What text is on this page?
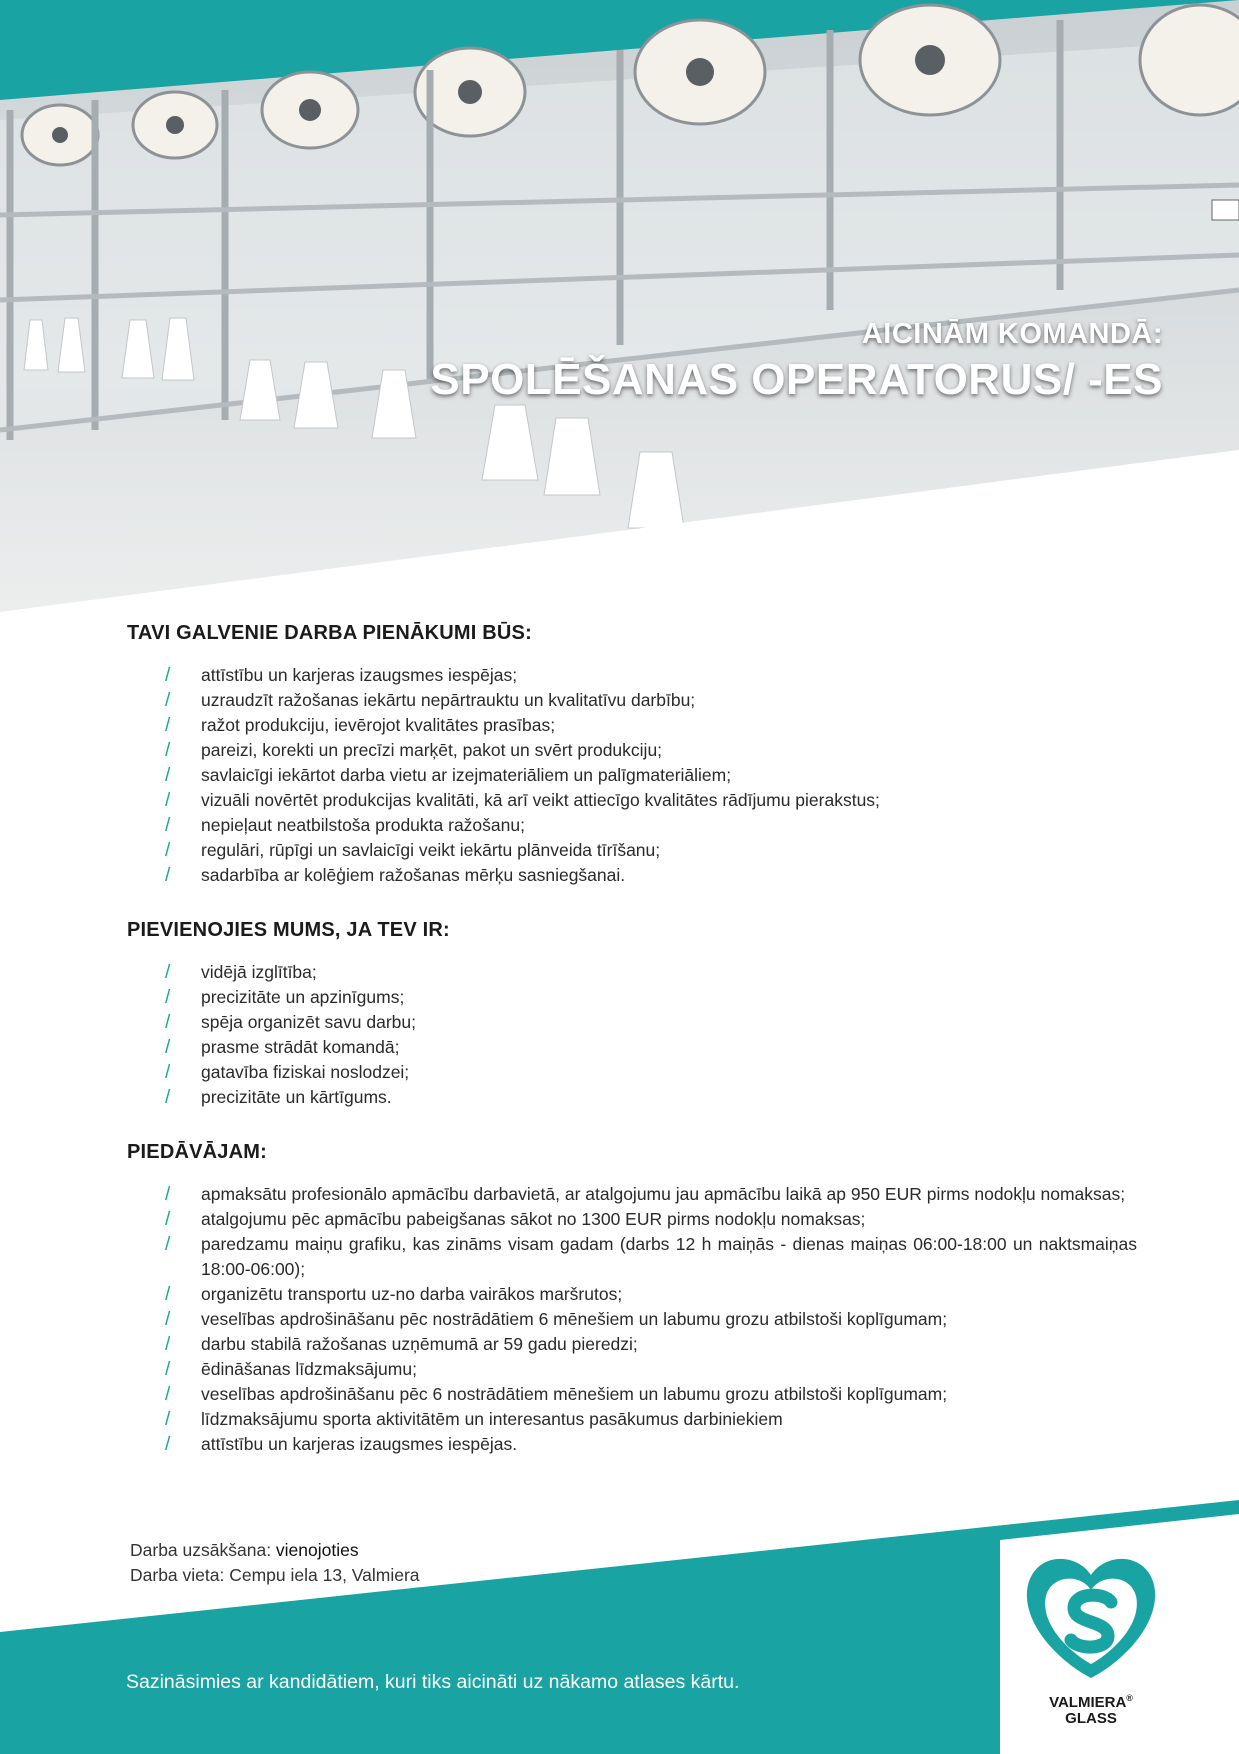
AICINĀM KOMANDĀ:
SPOLĒŠANAS OPERATORUS/ -ES
TAVI GALVENIE DARBA PIENĀKUMI BŪS:
/ attīstību un karjeras izaugsmes iespējas;
/ uzraudzīt ražošanas iekārtu nepārtrauktu un kvalitatīvu darbību;
/ ražot produkciju, ievērojot kvalitātes prasības;
/ pareizi, korekti un precīzi marķēt, pakot un svērt produkciju;
/ savlaicīgi iekārtot darba vietu ar izejmateriāliem un palīgmateriāliem;
/ vizuāli novērtēt produkcijas kvalitāti, kā arī veikt attiecīgo kvalitātes rādījumu pierakstus;
/ nepieļaut neatbilstoša produkta ražošanu;
/ regulāri, rūpīgi un savlaicīgi veikt iekārtu plānveida tīrīšanu;
/ sadarbība ar kolēģiem ražošanas mērķu sasniegšanai.
PIEVIENOJIES MUMS, JA TEV IR:
/ vidējā izglītība;
/ precizitāte un apzinīgums;
/ spēja organizēt savu darbu;
/ prasme strādāt komandā;
/ gatavība fiziskai noslodzei;
/ precizitāte un kārtīgums.
PIEDĀVĀJAM:
/ apmaksātu profesionālo apmācību darbavietā, ar atalgojumu jau apmācību laikā ap 950 EUR pirms nodokļu nomaksas;
/ atalgojumu pēc apmācību pabeigšanas sākot no 1300 EUR pirms nodokļu nomaksas;
/ paredzamu maiņu grafiku, kas zināms visam gadam (darbs 12 h maiņās - dienas maiņas 06:00-18:00 un naktsmaiņas 18:00-06:00);
/ organizētu transportu uz-no darba vairākos maršrutos;
/ veselības apdrošināšanu pēc nostrādātiem 6 mēnešiem un labumu grozu atbilstoši koplīgumam;
/ darbu stabilā ražošanas uzņēmumā ar 59 gadu pieredzi;
/ ēdināšanas līdzmaksājumu;
/ veselības apdrošināšanu pēc 6 nostrādātiem mēnešiem un labumu grozu atbilstoši koplīgumam;
/ līdzmaksājumu sporta aktivitātēm un interesantus pasākumus darbiniekiem
/ attīstību un karjeras izaugsmes iespējas.
Darba uzsākšana: vienojoties
Darba vieta: Cempu iela 13, Valmiera
Sazināsimies ar kandidātiem, kuri tiks aicināti uz nākamo atlases kārtu.
VALMIERA®
GLASS
